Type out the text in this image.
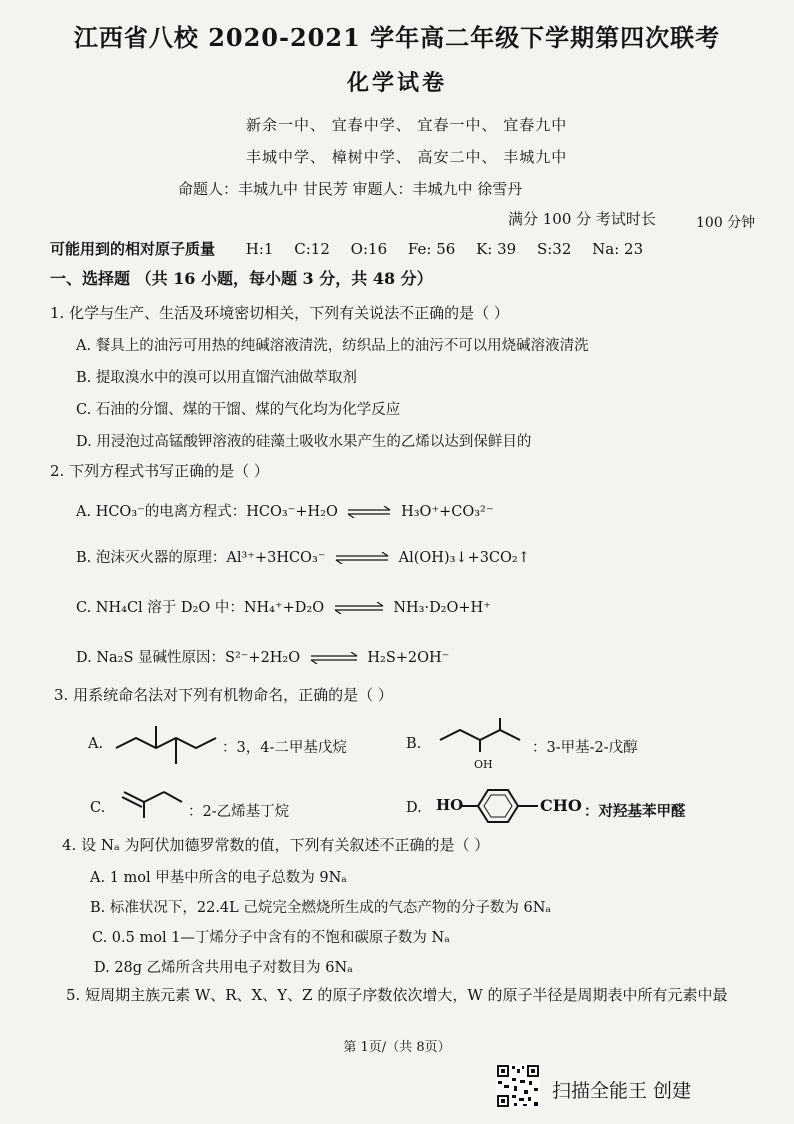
江西省八校 2020-2021 学年高二年级下学期第四次联考
化学试卷
新余一中、 宜春中学、 宜春一中、 宜春九中
丰城中学、 樟树中学、 高安二中、 丰城九中
命题人：丰城九中 甘民芳 审题人：丰城九中 徐雪丹
满分 100 分 考试时长	100 分钟
可能用到的相对原子质量 H:1 C:12 O:16 Fe: 56 K: 39 S:32 Na: 23
一、选择题 （共 16 小题，每小题 3 分，共 48 分）
1. 化学与生产、生活及环境密切相关，下列有关说法不正确的是（ ）
A. 餐具上的油污可用热的纯碱溶液清洗，纺织品上的油污不可以用烧碱溶液清洗
B. 提取溴水中的溴可以用直馏汽油做萃取剂
C. 石油的分馏、煤的干馏、煤的气化均为化学反应
D. 用浸泡过高锰酸钾溶液的硅藻土吸收水果产生的乙烯以达到保鲜目的
2. 下列方程式书写正确的是（ ）
A. HCO₃⁻的电离方程式：HCO₃⁻+H₂O ⇌ H₃O⁺+CO₃²⁻
B. 泡沫灭火器的原理：Al³⁺+3HCO₃⁻ ⇌ Al(OH)₃↓+3CO₂↑
C. NH₄Cl 溶于 D₂O 中：NH₄⁺+D₂O ⇌ NH₃·D₂O+H⁺
D. Na₂S 显碱性原因：S²⁻+2H₂O ⇌ H₂S+2OH⁻
3. 用系统命名法对下列有机物命名，正确的是（ ）
A.	：3，4-二甲基戊烷	B.
OH
：3-甲基-2-戊醇
C.	：2-乙烯基丁烷	D. HO	CHO ：对羟基苯甲醛
4. 设 Nₐ 为阿伏加德罗常数的值，下列有关叙述不正确的是（ ）
A. 1 mol 甲基中所含的电子总数为 9Nₐ
B. 标准状况下，22.4L 己烷完全燃烧所生成的气态产物的分子数为 6Nₐ
C. 0.5 mol 1—丁烯分子中含有的不饱和碳原子数为 Nₐ
D. 28g 乙烯所含共用电子对数目为 6Nₐ
5. 短周期主族元素 W、R、X、Y、Z 的原子序数依次增大，W 的原子半径是周期表中所有元素中最
第 1页/（共 8页）
扫描全能王 创建
